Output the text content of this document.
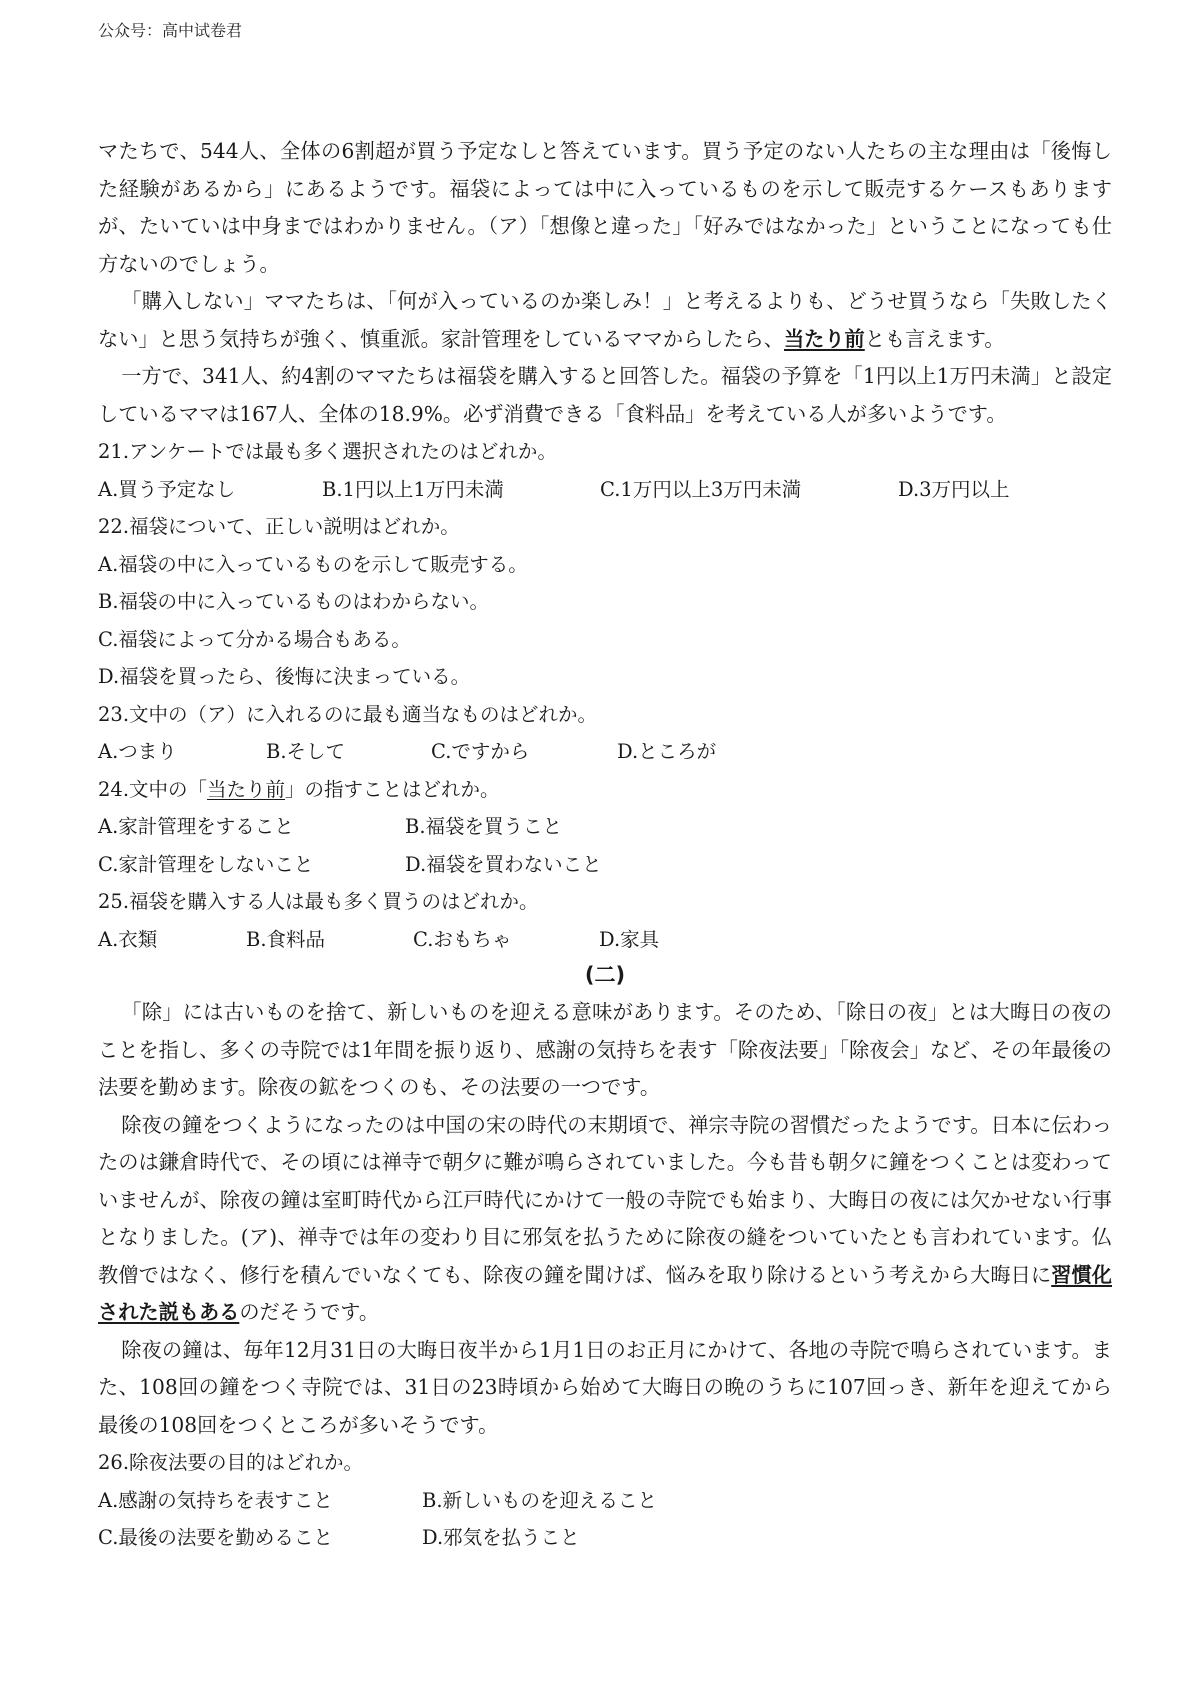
公众号：高中试卷君

マたちで、544人、全体の6割超が買う予定なしと答えています。買う予定のない人たちの主な理由は「後悔した経験があるから」にあるようです。福袋によっては中に入っているものを示して販売するケースもありますが、たいていは中身まではわかりません。（ア）「想像と違った」「好みではなかった」ということになっても仕方ないのでしょう。

「購入しない」ママたちは、「何が入っているのか楽しみ！」と考えるよりも、どうせ買うなら「失敗したくない」と思う気持ちが強く、慎重派。家計管理をしているママからしたら、当たり前とも言えます。

一方で、341人、約4割のママたちは福袋を購入すると回答した。福袋の予算を「1円以上1万円未満」と設定しているママは167人、全体の18.9%。必ず消費できる「食料品」を考えている人が多いようです。

21.アンケートでは最も多く選択されたのはどれか。

A.買う予定なし	B.1円以上1万円未満	C.1万円以上3万円未満	D.3万円以上

22.福袋について、正しい説明はどれか。

A.福袋の中に入っているものを示して販売する。

B.福袋の中に入っているものはわからない。

C.福袋によって分かる場合もある。

D.福袋を買ったら、後悔に決まっている。

23.文中の（ア）に入れるのに最も適当なものはどれか。

A.つまり	B.そして	C.ですから	D.ところが

24.文中の「当たり前」の指すことはどれか。

A.家計管理をすること	B.福袋を買うこと
C.家計管理をしないこと	D.福袋を買わないこと

25.福袋を購入する人は最も多く買うのはどれか。

A.衣類	B.食料品	C.おもちゃ	D.家具
(二)

「除」には古いものを捨て、新しいものを迎える意味があります。そのため、「除日の夜」とは大晦日の夜のことを指し、多くの寺院では1年間を振り返り、感謝の気持ちを表す「除夜法要」「除夜会」など、その年最後の法要を勤めます。除夜の鉱をつくのも、その法要の一つです。

除夜の鐘をつくようになったのは中国の宋の時代の末期頃で、禅宗寺院の習慣だったようです。日本に伝わったのは鎌倉時代で、その頃には禅寺で朝夕に難が鳴らされていました。今も昔も朝夕に鐘をつくことは変わっていませんが、除夜の鐘は室町時代から江戸時代にかけて一般の寺院でも始まり、大晦日の夜には欠かせない行事となりました。(ア)、禅寺では年の変わり目に邪気を払うために除夜の縫をついていたとも言われています。仏教僧ではなく、修行を積んでいなくても、除夜の鐘を聞けば、悩みを取り除けるという考えから大晦日に習慣化された説もあるのだそうです。

除夜の鐘は、毎年12月31日の大晦日夜半から1月1日のお正月にかけて、各地の寺院で鳴らされています。また、108回の鐘をつく寺院では、31日の23時頃から始めて大晦日の晩のうちに107回っき、新年を迎えてから最後の108回をつくところが多いそうです。

26.除夜法要の目的はどれか。

A.感謝の気持ちを表すこと	B.新しいものを迎えること
C.最後の法要を勤めること	D.邪気を払うこと
